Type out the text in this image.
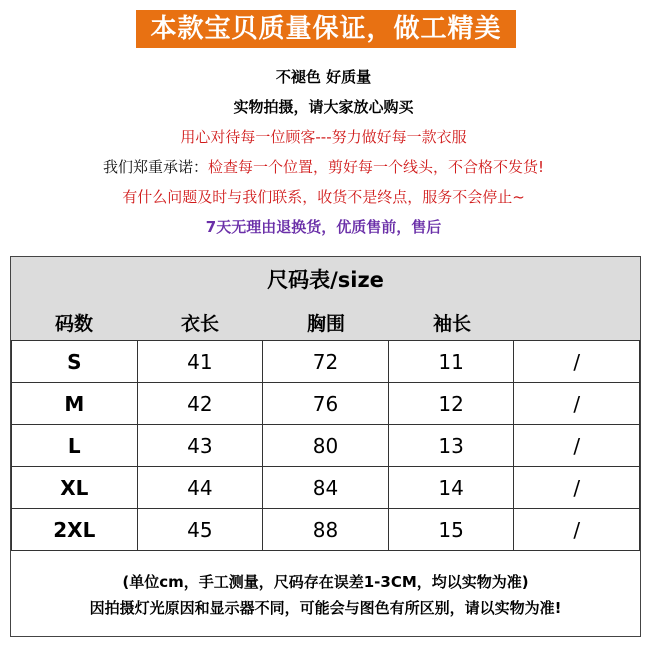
本款宝贝质量保证，做工精美
不褪色 好质量
实物拍摄，请大家放心购买
用心对待每一位顾客---努力做好每一款衣服
我们郑重承诺：检查每一个位置，剪好每一个线头，不合格不发货!
有什么问题及时与我们联系，收货不是终点，服务不会停止~
7天无理由退换货，优质售前，售后
尺码表/size
码数	衣长	胸围	袖长
S	41	72	11	/
M	42	76	12	/
L	43	80	13	/
XL	44	84	14	/
2XL	45	88	15	/
(单位cm，手工测量，尺码存在误差1-3CM，均以实物为准)
因拍摄灯光原因和显示器不同，可能会与图色有所区别，请以实物为准!
